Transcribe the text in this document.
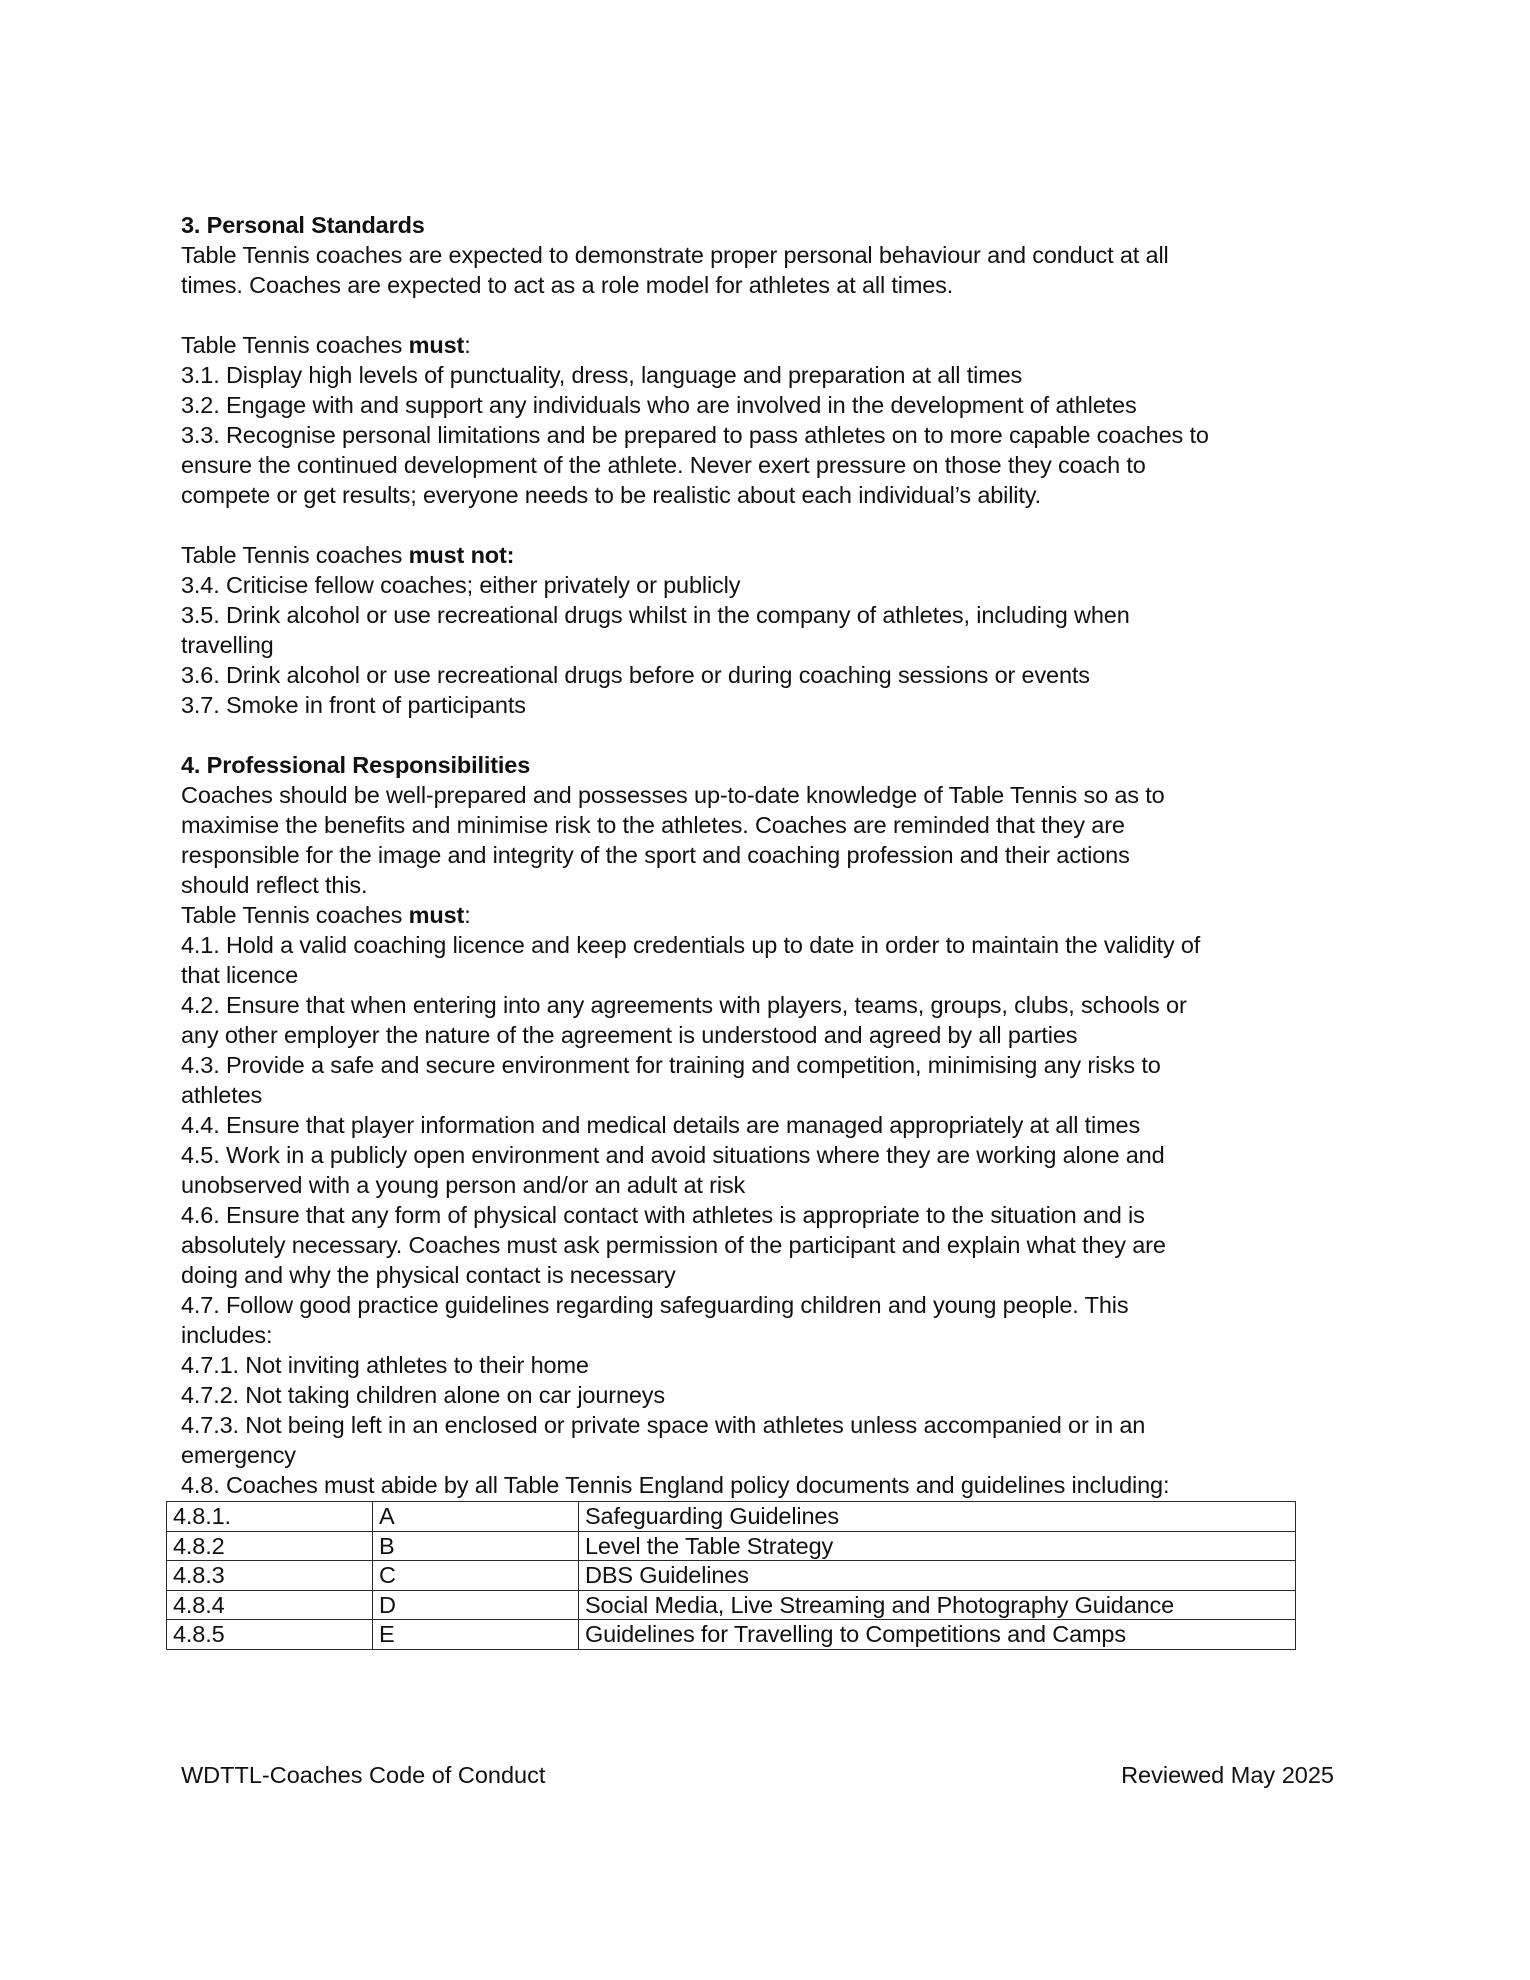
3. Personal Standards
Table Tennis coaches are expected to demonstrate proper personal behaviour and conduct at all
times. Coaches are expected to act as a role model for athletes at all times.
Table Tennis coaches must:
3.1. Display high levels of punctuality, dress, language and preparation at all times
3.2. Engage with and support any individuals who are involved in the development of athletes
3.3. Recognise personal limitations and be prepared to pass athletes on to more capable coaches to
ensure the continued development of the athlete. Never exert pressure on those they coach to
compete or get results; everyone needs to be realistic about each individual’s ability.
Table Tennis coaches must not:
3.4. Criticise fellow coaches; either privately or publicly
3.5. Drink alcohol or use recreational drugs whilst in the company of athletes, including when
travelling
3.6. Drink alcohol or use recreational drugs before or during coaching sessions or events
3.7. Smoke in front of participants
4. Professional Responsibilities
Coaches should be well-prepared and possesses up-to-date knowledge of Table Tennis so as to
maximise the benefits and minimise risk to the athletes. Coaches are reminded that they are
responsible for the image and integrity of the sport and coaching profession and their actions
should reflect this.
Table Tennis coaches must:
4.1. Hold a valid coaching licence and keep credentials up to date in order to maintain the validity of
that licence
4.2. Ensure that when entering into any agreements with players, teams, groups, clubs, schools or
any other employer the nature of the agreement is understood and agreed by all parties
4.3. Provide a safe and secure environment for training and competition, minimising any risks to
athletes
4.4. Ensure that player information and medical details are managed appropriately at all times
4.5. Work in a publicly open environment and avoid situations where they are working alone and
unobserved with a young person and/or an adult at risk
4.6. Ensure that any form of physical contact with athletes is appropriate to the situation and is
absolutely necessary. Coaches must ask permission of the participant and explain what they are
doing and why the physical contact is necessary
4.7. Follow good practice guidelines regarding safeguarding children and young people. This
includes:
4.7.1. Not inviting athletes to their home
4.7.2. Not taking children alone on car journeys
4.7.3. Not being left in an enclosed or private space with athletes unless accompanied or in an
emergency
4.8. Coaches must abide by all Table Tennis England policy documents and guidelines including:
4.8.1.	A	Safeguarding Guidelines
4.8.2	B	Level the Table Strategy
4.8.3	C	DBS Guidelines
4.8.4	D	Social Media, Live Streaming and Photography Guidance
4.8.5	E	Guidelines for Travelling to Competitions and Camps
WDTTL-Coaches Code of Conduct	Reviewed May 2025
